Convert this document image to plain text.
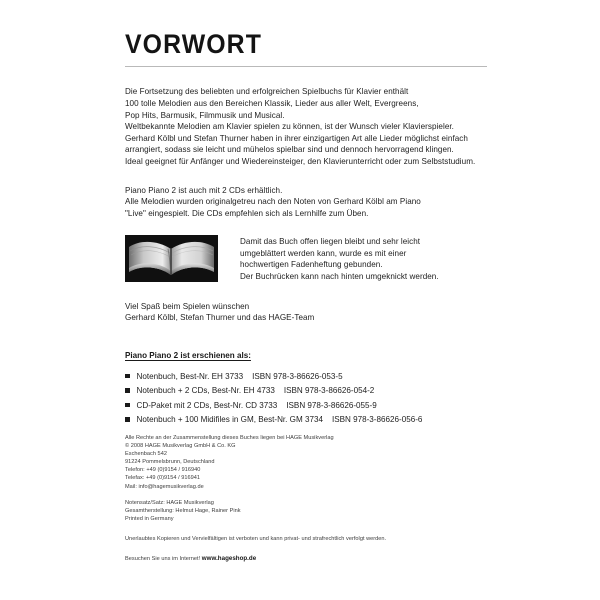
VORWORT
Die Fortsetzung des beliebten und erfolgreichen Spielbuchs für Klavier enthält
100 tolle Melodien aus den Bereichen Klassik, Lieder aus aller Welt, Evergreens,
Pop Hits, Barmusik, Filmmusik und Musical.
Weltbekannte Melodien am Klavier spielen zu können, ist der Wunsch vieler Klavierspieler.
Gerhard Kölbl und Stefan Thurner haben in ihrer einzigartigen Art alle Lieder möglichst einfach
arrangiert, sodass sie leicht und mühelos spielbar sind und dennoch hervorragend klingen.
Ideal geeignet für Anfänger und Wiedereinsteiger, den Klavierunterricht oder zum Selbststudium.
Piano Piano 2 ist auch mit 2 CDs erhältlich.
Alle Melodien wurden originalgetreu nach den Noten von Gerhard Kölbl am Piano
"Live" eingespielt. Die CDs empfehlen sich als Lernhilfe zum Üben.
Damit das Buch offen liegen bleibt und sehr leicht
umgeblättert werden kann, wurde es mit einer
hochwertigen Fadenheftung gebunden.
Der Buchrücken kann nach hinten umgeknickt werden.
Viel Spaß beim Spielen wünschen
Gerhard Kölbl, Stefan Thurner und das HAGE-Team
Piano Piano 2 ist erschienen als:
Notenbuch, Best-Nr. EH 3733 ISBN 978-3-86626-053-5
Notenbuch + 2 CDs, Best-Nr. EH 4733 ISBN 978-3-86626-054-2
CD-Paket mit 2 CDs, Best-Nr. CD 3733 ISBN 978-3-86626-055-9
Notenbuch + 100 Midifiles in GM, Best-Nr. GM 3734 ISBN 978-3-86626-056-6
Alle Rechte an der Zusammenstellung dieses Buches liegen bei HAGE Musikverlag
© 2008 HAGE Musikverlag GmbH & Co. KG
Eschenbach 542
91224 Pommelsbrunn, Deutschland
Telefon: +49 (0)9154 / 916940
Telefax: +49 (0)9154 / 916941
Mail: info@hagemusikverlag.de
Notensatz/Satz: HAGE Musikverlag
Gesamtherstellung: Helmut Hage, Rainer Pink
Printed in Germany
Unerlaubtes Kopieren und Vervielfältigen ist verboten und kann privat- und strafrechtlich verfolgt werden.
Besuchen Sie uns im Internet! www.hageshop.de
